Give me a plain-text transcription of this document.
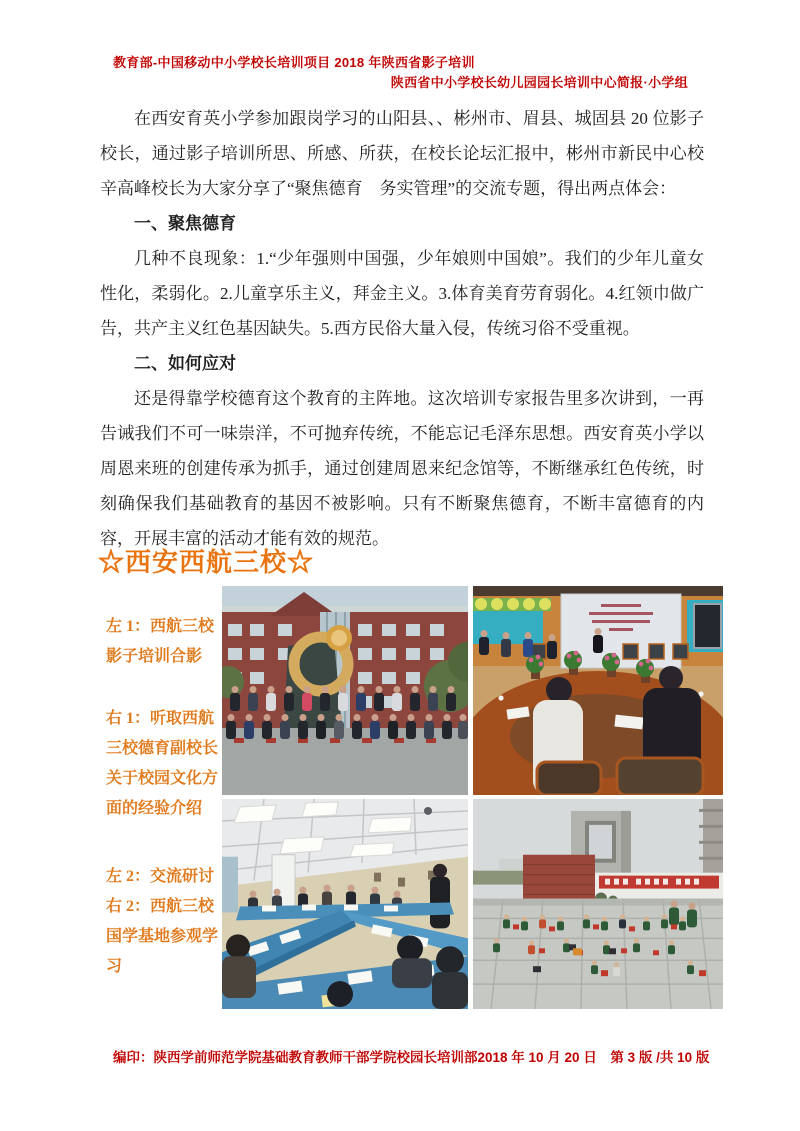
教育部-中国移动中小学校长培训项目 2018 年陕西省影子培训
陕西省中小学校长幼儿园园长培训中心简报·小学组

在西安育英小学参加跟岗学习的山阳县、、彬州市、眉县、城固县 20 位影子校长，通过影子培训所思、所感、所获，在校长论坛汇报中，彬州市新民中心校辛高峰校长为大家分享了“聚焦德育　务实管理”的交流专题，得出两点体会：

一、聚焦德育

几种不良现象：1.“少年强则中国强，少年娘则中国娘”。我们的少年儿童女性化，柔弱化。2.儿童享乐主义，拜金主义。3.体育美育劳育弱化。4.红领巾做广告，共产主义红色基因缺失。5.西方民俗大量入侵，传统习俗不受重视。

二、如何应对

还是得靠学校德育这个教育的主阵地。这次培训专家报告里多次讲到，一再告诫我们不可一味崇洋，不可抛弃传统，不能忘记毛泽东思想。西安育英小学以周恩来班的创建传承为抓手，通过创建周恩来纪念馆等，不断继承红色传统，时刻确保我们基础教育的基因不被影响。只有不断聚焦德育，不断丰富德育的内容，开展丰富的活动才能有效的规范。

☆西安西航三校☆
左 1：西航三校影子培训合影
右 1：听取西航三校德育副校长关于校园文化方面的经验介绍
左 2：交流研讨
右 2：西航三校国学基地参观学习
编印：陕西学前师范学院基础教育教师干部学院校园长培训部 2018 年 10 月 20 日　第 3 版 /共 10 版
